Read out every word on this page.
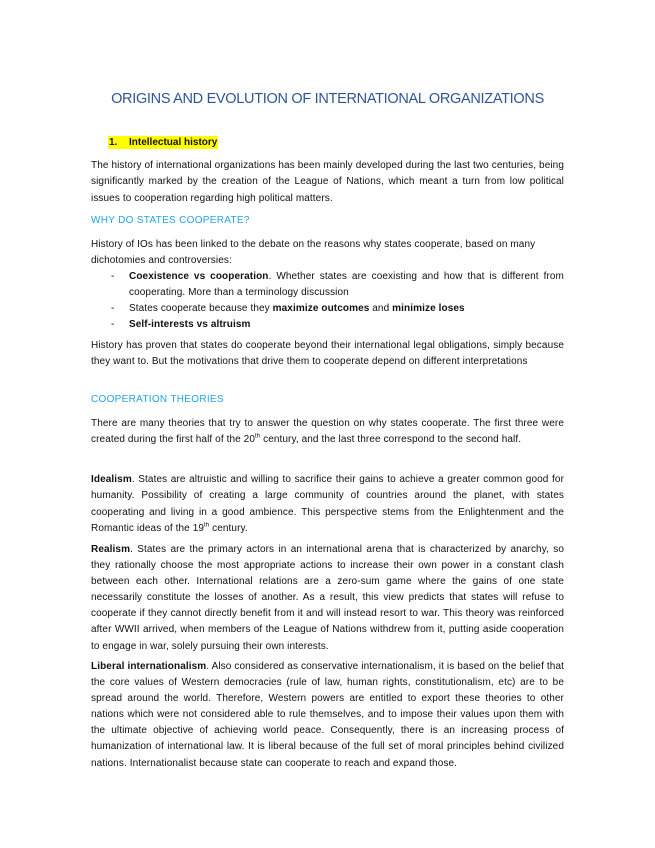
ORIGINS AND EVOLUTION OF INTERNATIONAL ORGANIZATIONS
1. Intellectual history
The history of international organizations has been mainly developed during the last two centuries, being significantly marked by the creation of the League of Nations, which meant a turn from low political issues to cooperation regarding high political matters.
WHY DO STATES COOPERATE?
History of IOs has been linked to the debate on the reasons why states cooperate, based on many dichotomies and controversies:
- Coexistence vs cooperation. Whether states are coexisting and how that is different from cooperating. More than a terminology discussion
- States cooperate because they maximize outcomes and minimize loses
- Self-interests vs altruism
History has proven that states do cooperate beyond their international legal obligations, simply because they want to. But the motivations that drive them to cooperate depend on different interpretations
COOPERATION THEORIES
There are many theories that try to answer the question on why states cooperate. The first three were created during the first half of the 20th century, and the last three correspond to the second half.
Idealism. States are altruistic and willing to sacrifice their gains to achieve a greater common good for humanity. Possibility of creating a large community of countries around the planet, with states cooperating and living in a good ambience. This perspective stems from the Enlightenment and the Romantic ideas of the 19th century.
Realism. States are the primary actors in an international arena that is characterized by anarchy, so they rationally choose the most appropriate actions to increase their own power in a constant clash between each other. International relations are a zero-sum game where the gains of one state necessarily constitute the losses of another. As a result, this view predicts that states will refuse to cooperate if they cannot directly benefit from it and will instead resort to war. This theory was reinforced after WWII arrived, when members of the League of Nations withdrew from it, putting aside cooperation to engage in war, solely pursuing their own interests.
Liberal internationalism. Also considered as conservative internationalism, it is based on the belief that the core values of Western democracies (rule of law, human rights, constitutionalism, etc) are to be spread around the world. Therefore, Western powers are entitled to export these theories to other nations which were not considered able to rule themselves, and to impose their values upon them with the ultimate objective of achieving world peace. Consequently, there is an increasing process of humanization of international law. It is liberal because of the full set of moral principles behind civilized nations. Internationalist because state can cooperate to reach and expand those.
